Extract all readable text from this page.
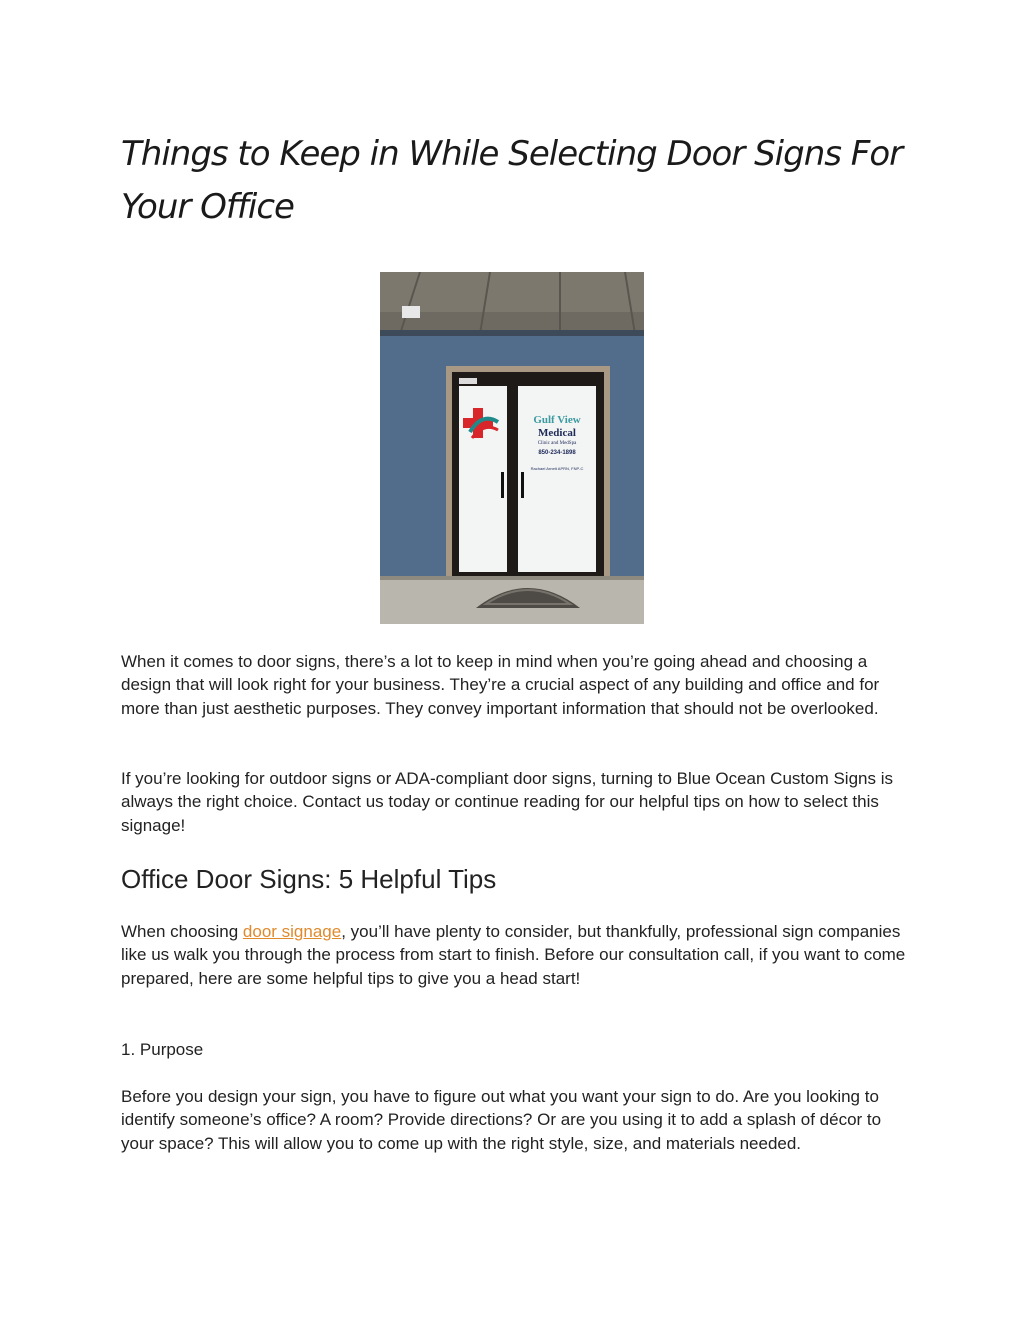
Things to Keep in While Selecting Door Signs For Your Office
Gulf View
Medical
Clinic and MedSpa
850-234-1898
Rachael Arnett APRN, FNP-C

When it comes to door signs, there’s a lot to keep in mind when you’re going ahead and choosing a design that will look right for your business. They’re a crucial aspect of any building and office and for more than just aesthetic purposes. They convey important information that should not be overlooked.

If you’re looking for outdoor signs or ADA-compliant door signs, turning to Blue Ocean Custom Signs is always the right choice. Contact us today or continue reading for our helpful tips on how to select this signage!

Office Door Signs: 5 Helpful Tips

When choosing door signage, you’ll have plenty to consider, but thankfully, professional sign companies like us walk you through the process from start to finish. Before our consultation call, if you want to come prepared, here are some helpful tips to give you a head start!

1. Purpose

Before you design your sign, you have to figure out what you want your sign to do. Are you looking to identify someone’s office? A room? Provide directions? Or are you using it to add a splash of décor to your space? This will allow you to come up with the right style, size, and materials needed.
